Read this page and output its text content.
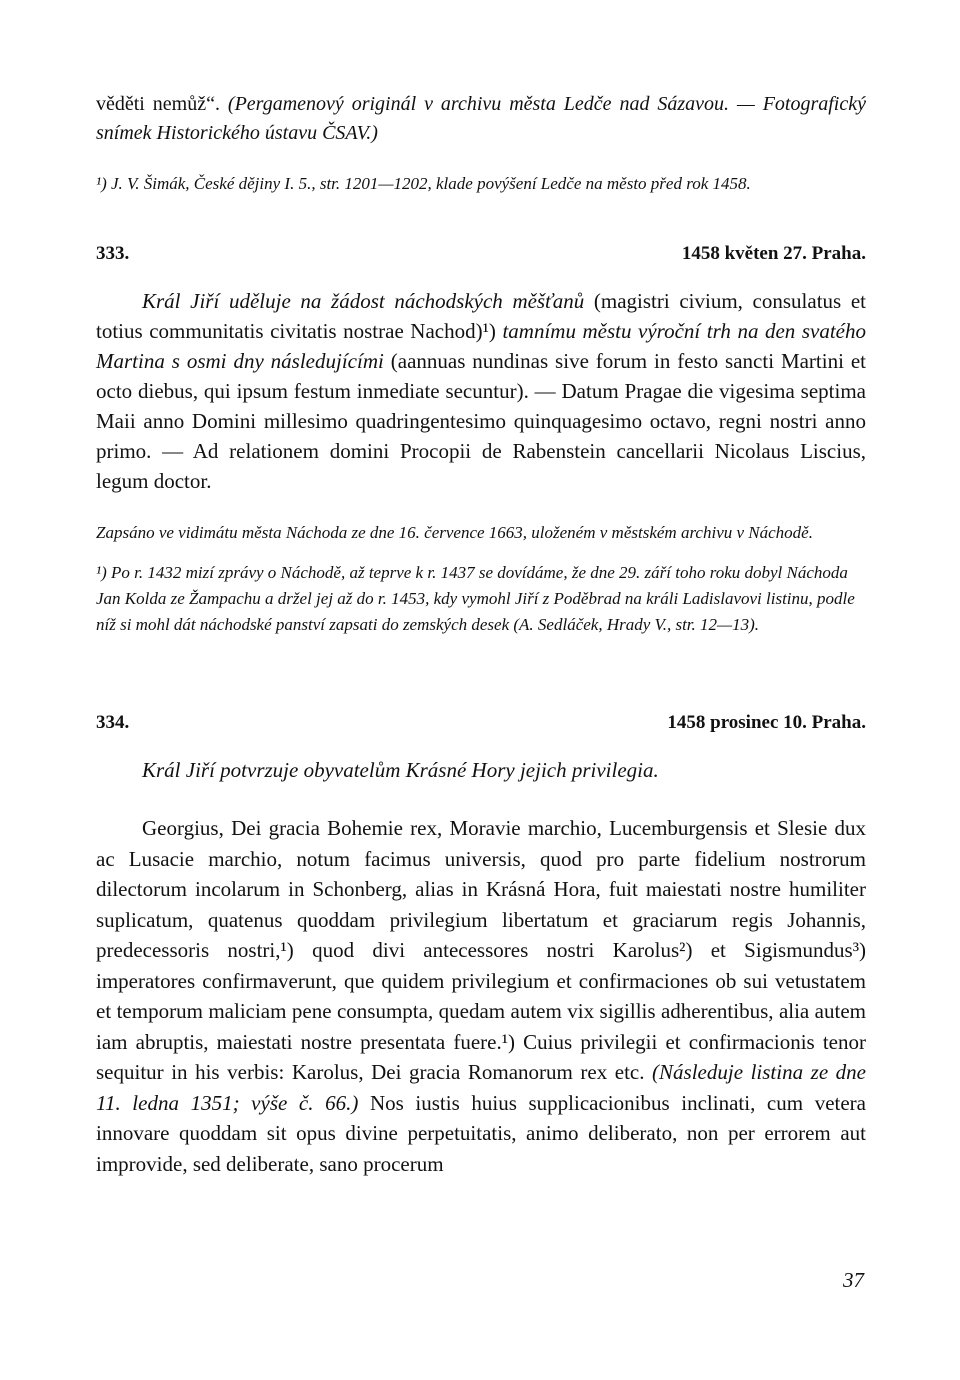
věděti nemůž“. (Pergamenový originál v archivu města Ledče nad Sázavou. — Fotografický snímek Historického ústavu ČSAV.)

¹) J. V. Šimák, České dějiny I. 5., str. 1201—1202, klade povýšení Ledče na město před rok 1458.

333.	1458 květen 27. Praha.

Král Jiří uděluje na žádost náchodských měšťanů (magistri civium, consulatus et totius communitatis civitatis nostrae Nachod)¹) tamnímu městu výroční trh na den svatého Martina s osmi dny následujícími (aannuas nundinas sive forum in festo sancti Martini et octo diebus, qui ipsum festum inmediate secuntur). — Datum Pragae die vigesima septima Maii anno Domini millesimo quadringentesimo quinquagesimo octavo, regni nostri anno primo. — Ad relationem domini Procopii de Rabenstein cancellarii Nicolaus Liscius, legum doctor.

Zapsáno ve vidimátu města Náchoda ze dne 16. července 1663, uloženém v městském archivu v Náchodě.

¹) Po r. 1432 mizí zprávy o Náchodě, až teprve k r. 1437 se dovídáme, že dne 29. září toho roku dobyl Náchoda Jan Kolda ze Žampachu a držel jej až do r. 1453, kdy vymohl Jiří z Poděbrad na králi Ladislavovi listinu, podle níž si mohl dát náchodské panství zapsati do zemských desek (A. Sedláček, Hrady V., str. 12—13).

334.	1458 prosinec 10. Praha.

Král Jiří potvrzuje obyvatelům Krásné Hory jejich privilegia.

Georgius, Dei gracia Bohemie rex, Moravie marchio, Lucemburgensis et Slesie dux ac Lusacie marchio, notum facimus universis, quod pro parte fidelium nostrorum dilectorum incolarum in Schonberg, alias in Krásná Hora, fuit maiestati nostre humiliter suplicatum, quatenus quoddam privilegium libertatum et graciarum regis Johannis, predecessoris nostri,¹) quod divi antecessores nostri Karolus²) et Sigismundus³) imperatores confirmaverunt, que quidem privilegium et confirmaciones ob sui vetustatem et temporum maliciam pene consumpta, quedam autem vix sigillis adherentibus, alia autem iam abruptis, maiestati nostre presentata fuere.¹) Cuius privilegii et confirmacionis tenor sequitur in his verbis: Karolus, Dei gracia Romanorum rex etc. (Následuje listina ze dne 11. ledna 1351; výše č. 66.) Nos iustis huius supplicacionibus inclinati, cum vetera innovare quoddam sit opus divine perpetuitatis, animo deliberato, non per errorem aut improvide, sed deliberate, sano procerum

37
